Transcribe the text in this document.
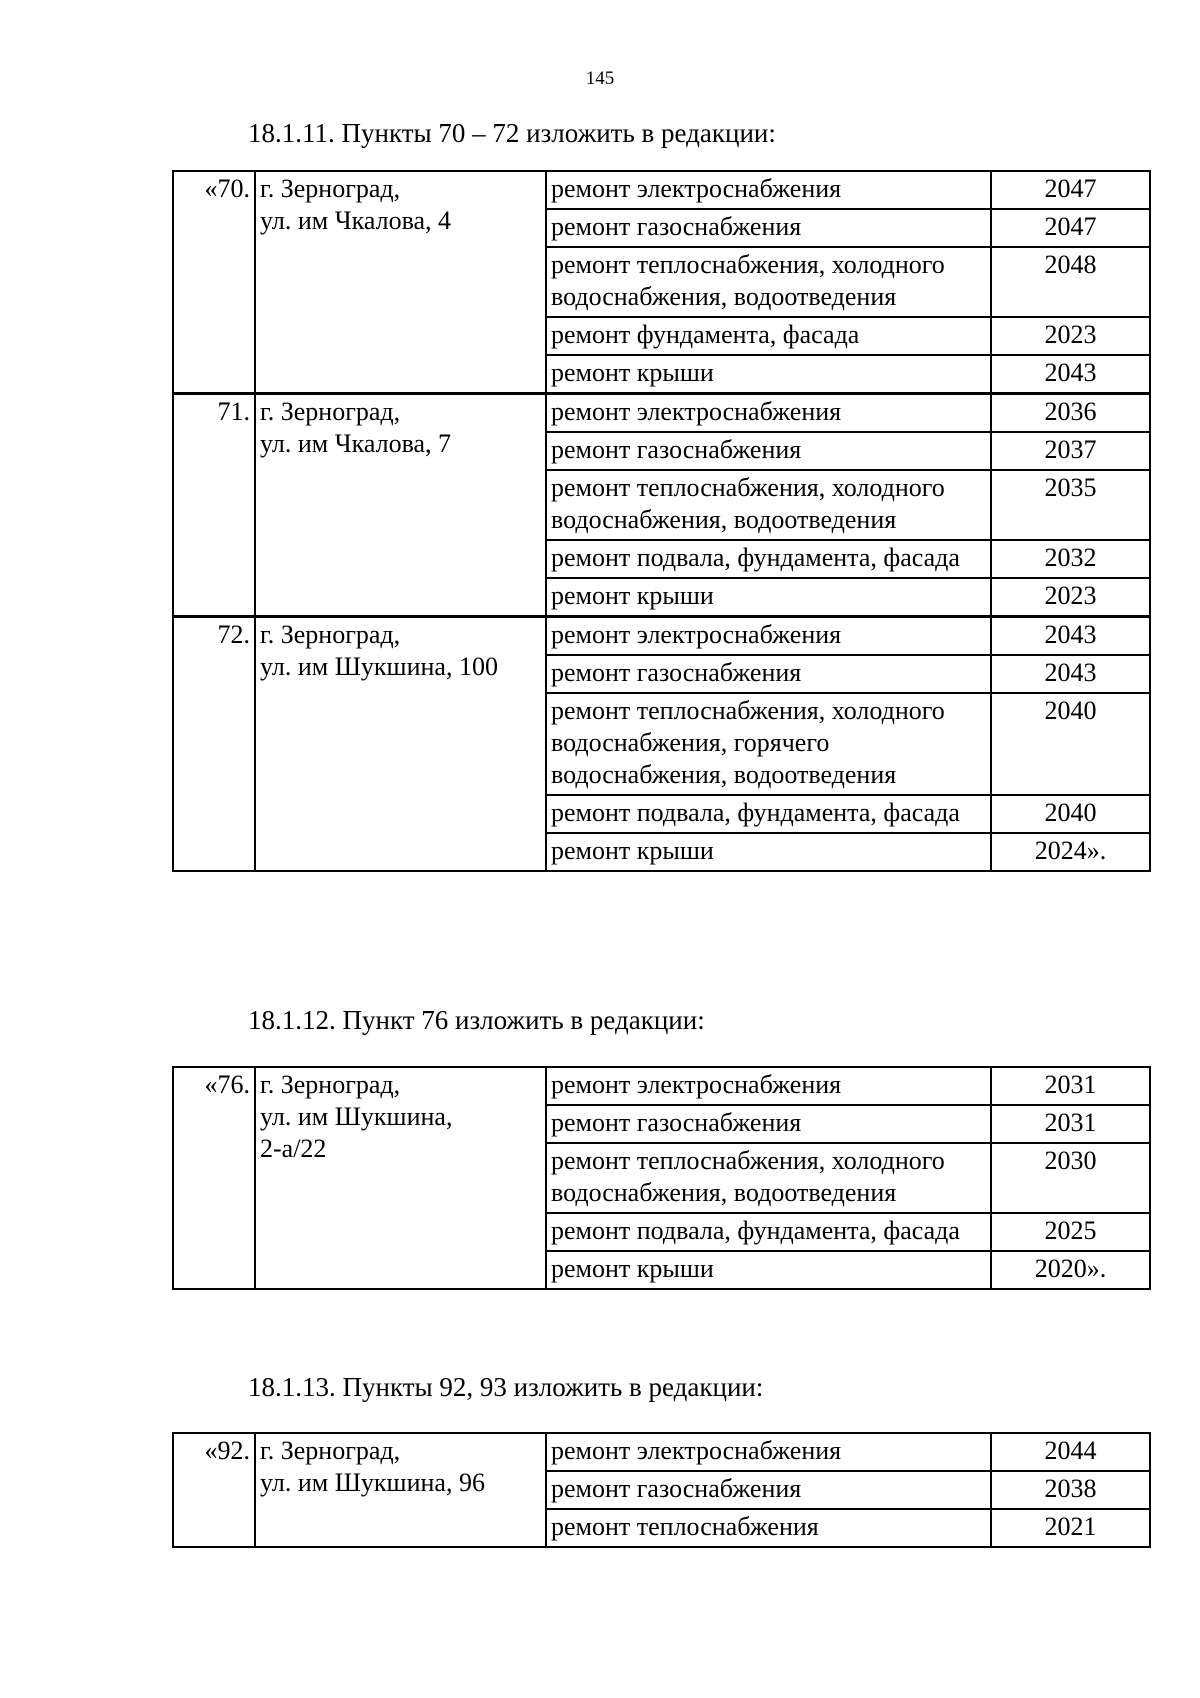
145
18.1.11. Пункты 70 – 72 изложить в редакции:
«70.	г. Зерноград,
ул. им Чкалова, 4	ремонт электроснабжения	2047
		ремонт газоснабжения	2047
		ремонт теплоснабжения, холодного водоснабжения, водоотведения	2048
		ремонт фундамента, фасада	2023
		ремонт крыши	2043
71.	г. Зерноград,
ул. им Чкалова, 7	ремонт электроснабжения	2036
		ремонт газоснабжения	2037
		ремонт теплоснабжения, холодного водоснабжения, водоотведения	2035
		ремонт подвала, фундамента, фасада	2032
		ремонт крыши	2023
72.	г. Зерноград,
ул. им Шукшина, 100	ремонт электроснабжения	2043
		ремонт газоснабжения	2043
		ремонт теплоснабжения, холодного водоснабжения, горячего водоснабжения, водоотведения	2040
		ремонт подвала, фундамента, фасада	2040
		ремонт крыши	2024».
18.1.12. Пункт 76 изложить в редакции:
«76.	г. Зерноград,
ул. им Шукшина,
2-а/22	ремонт электроснабжения	2031
		ремонт газоснабжения	2031
		ремонт теплоснабжения, холодного водоснабжения, водоотведения	2030
		ремонт подвала, фундамента, фасада	2025
		ремонт крыши	2020».
18.1.13. Пункты 92, 93 изложить в редакции:
«92.	г. Зерноград,
ул. им Шукшина, 96	ремонт электроснабжения	2044
		ремонт газоснабжения	2038
		ремонт теплоснабжения	2021
